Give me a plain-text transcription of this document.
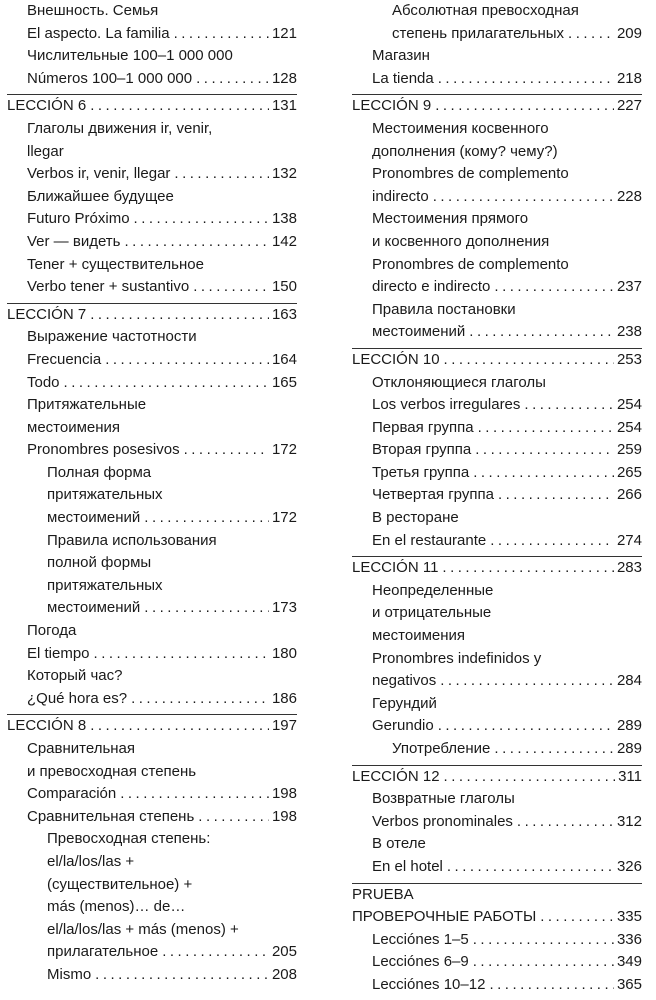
Внешность. Семья
El aspecto. La familia .....	121
Числительные 100–1 000 000
Números 100–1 000 000 .....	128
LECCIÓN 6 .....	131
Глаголы движения ir, venir,
llegar
Verbos ir, venir, llegar .....	132
Ближайшее будущее
Futuro Próximo .....	138
Ver — видеть .....	142
Tener + существительное
Verbo tener + sustantivo .....	150
LECCIÓN 7 .....	163
Выражение частотности
Frecuencia .....	164
Todo .....	165
Притяжательные
местоимения
Pronombres posesivos .....	172
Полная форма
притяжательных
местоимений .....	172
Правила использования
полной формы
притяжательных
местоимений .....	173
Погода
El tiempo .....	180
Который час?
¿Qué hora es? .....	186
LECCIÓN 8 .....	197
Сравнительная
и превосходная степень
Comparación .....	198
Сравнительная степень .....	198
Превосходная степень:
el/la/los/las +
(существительное) +
más (menos)… de…
el/la/los/las + más (menos) +
прилагательное .....	205
Mismo .....	208
Абсолютная превосходная
степень прилагательных .....	209
Магазин
La tienda .....	218
LECCIÓN 9 .....	227
Местоимения косвенного
дополнения (кому? чему?)
Pronombres de complemento
indirecto .....	228
Местоимения прямого
и косвенного дополнения
Pronombres de complemento
directo e indirecto .....	237
Правила постановки
местоимений .....	238
LECCIÓN 10 .....	253
Отклоняющиеся глаголы
Los verbos irregulares .....	254
Первая группа .....	254
Вторая группа .....	259
Третья группа .....	265
Четвертая группа .....	266
В ресторане
En el restaurante .....	274
LECCIÓN 11 .....	283
Неопределенные
и отрицательные
местоимения
Pronombres indefinidos y
negativos .....	284
Герундий
Gerundio .....	289
Употребление .....	289
LECCIÓN 12 .....	311
Возвратные глаголы
Verbos pronominales .....	312
В отеле
En el hotel .....	326
PRUEBA
ПРОВЕРОЧНЫЕ РАБОТЫ .....	335
Lecciónes 1–5 .....	336
Lecciónes 6–9 .....	349
Lecciónes 10–12 .....	365
